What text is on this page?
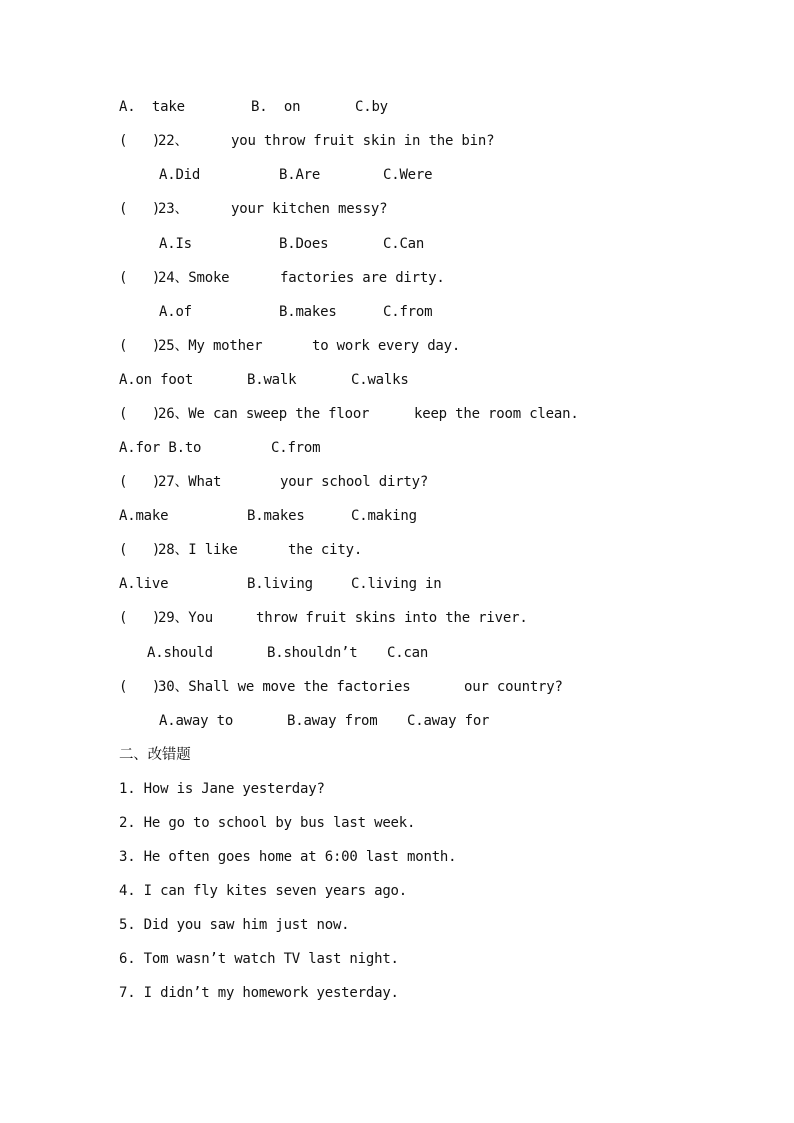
A.  take

	B.  on

	C.by

(   )

22、

	you throw fruit skin in the bin?

A.Did

	B.Are

	C.Were

(   )

23、

	your kitchen messy?

A.Is

	B.Does

	C.Can

(   )

24、Smoke

	factories are dirty.

A.of

	B.makes

	C.from

(   )

25、My mother

	to work every day.

A.on foot

	B.walk

	C.walks

(   )

26、We can sweep the floor

	keep the room clean.

A.for B.to

	C.from

(   )

27、What

	your school dirty?

A.make

	B.makes

	C.making

(   )

28、I like

	the city.

A.live

	B.living

	C.living in

(   )

29、You

	throw fruit skins into the river.

A.should

	B.shouldn’t

C.can

(   )

30、Shall we move the factories

	our country?

A.away to

	B.away from

C.away for

二、改错题
1. How is Jane yesterday?
2. He go to school by bus last week.
3. He often goes home at 6:00 last month.
4. I can fly kites seven years ago.
5. Did you saw him just now.
6. Tom wasn’t watch TV last night.
7. I didn’t my homework yesterday.
